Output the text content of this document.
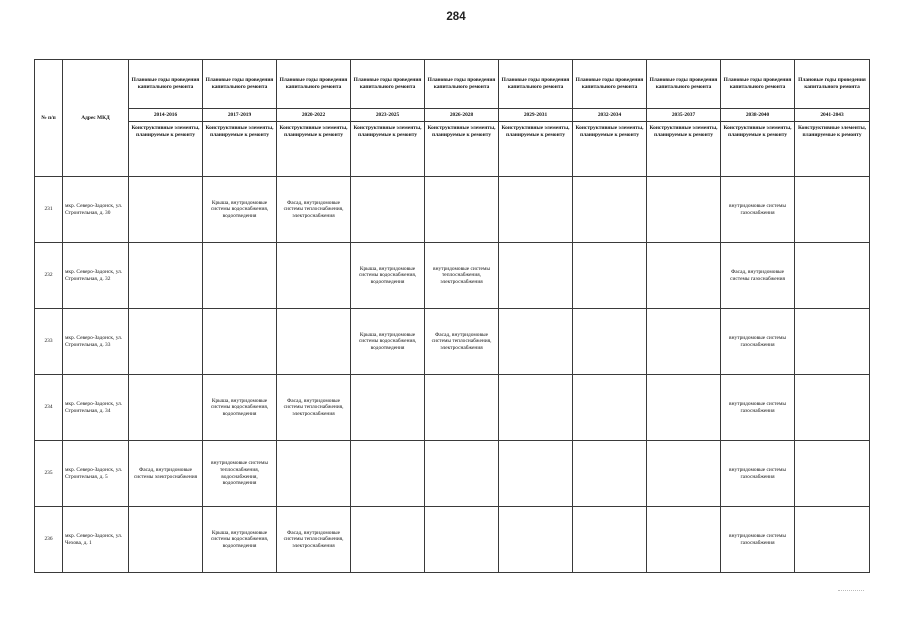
284
№ п/п	Адрес МКД	Плановые годы проведения капитального ремонта	Плановые годы проведения капитального ремонта	Плановые годы проведения капитального ремонта	Плановые годы проведения капитального ремонта	Плановые годы проведения капитального ремонта	Плановые годы проведения капитального ремонта	Плановые годы проведения капитального ремонта	Плановые годы проведения капитального ремонта	Плановые годы проведения капитального ремонта	Плановые годы проведения капитального ремонта
		2014-2016	2017-2019	2020-2022	2023-2025	2026-2028	2029-2031	2032-2034	2035-2037	2038-2040	2041-2043
		Конструктивные элементы, планируемые к ремонту	Конструктивные элементы, планируемые к ремонту	Конструктивные элементы, планируемые к ремонту	Конструктивные элементы, планируемые к ремонту	Конструктивные элементы, планируемые к ремонту	Конструктивные элементы, планируемые к ремонту	Конструктивные элементы, планируемые к ремонту	Конструктивные элементы, планируемые к ремонту	Конструктивные элементы, планируемые к ремонту	Конструктивные элементы, планируемые к ремонту
231	мкр. Северо-Задонск, ул. Строительная, д. 30		Крыша, внутридомовые системы водоснабжения, водоотведения	Фасад, внутридомовые системы теплоснабжения, электроснабжения						внутридомовые системы газоснабжения	
232	мкр. Северо-Задонск, ул. Строительная, д. 32				Крыша, внутридомовые системы водоснабжения, водоотведения	внутридомовые системы теплоснабжения, электроснабжения				Фасад, внутридомовые системы газоснабжения	
233	мкр. Северо-Задонск, ул. Строительная, д. 33				Крыша, внутридомовые системы водоснабжения, водоотведения	Фасад, внутридомовые системы теплоснабжения, электроснабжения				внутридомовые системы газоснабжения	
234	мкр. Северо-Задонск, ул. Строительная, д. 34		Крыша, внутридомовые системы водоснабжения, водоотведения	Фасад, внутридомовые системы теплоснабжения, электроснабжения						внутридомовые системы газоснабжения	
235	мкр. Северо-Задонск, ул. Строительная, д. 5	Фасад, внутридомовые системы электроснабжения	внутридомовые системы теплоснабжения, водоснабжения, водоотведения							внутридомовые системы газоснабжения	
236	мкр. Северо-Задонск, ул. Чехова, д. 1		Крыша, внутридомовые системы водоснабжения, водоотведения	Фасад, внутридомовые системы теплоснабжения, электроснабжения						внутридомовые системы газоснабжения	
